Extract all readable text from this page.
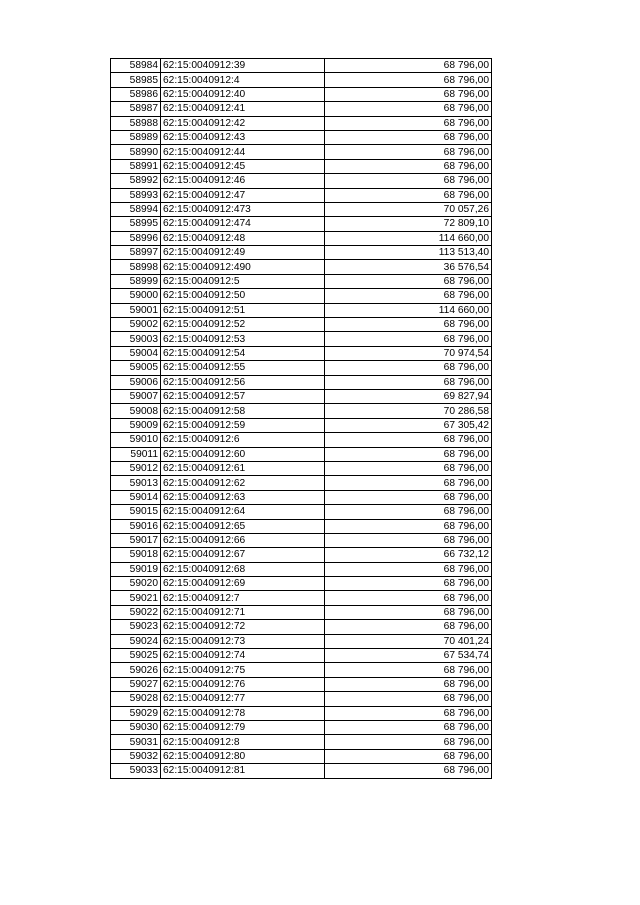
58984	62:15:0040912:39	68 796,00
58985	62:15:0040912:4	68 796,00
58986	62:15:0040912:40	68 796,00
58987	62:15:0040912:41	68 796,00
58988	62:15:0040912:42	68 796,00
58989	62:15:0040912:43	68 796,00
58990	62:15:0040912:44	68 796,00
58991	62:15:0040912:45	68 796,00
58992	62:15:0040912:46	68 796,00
58993	62:15:0040912:47	68 796,00
58994	62:15:0040912:473	70 057,26
58995	62:15:0040912:474	72 809,10
58996	62:15:0040912:48	114 660,00
58997	62:15:0040912:49	113 513,40
58998	62:15:0040912:490	36 576,54
58999	62:15:0040912:5	68 796,00
59000	62:15:0040912:50	68 796,00
59001	62:15:0040912:51	114 660,00
59002	62:15:0040912:52	68 796,00
59003	62:15:0040912:53	68 796,00
59004	62:15:0040912:54	70 974,54
59005	62:15:0040912:55	68 796,00
59006	62:15:0040912:56	68 796,00
59007	62:15:0040912:57	69 827,94
59008	62:15:0040912:58	70 286,58
59009	62:15:0040912:59	67 305,42
59010	62:15:0040912:6	68 796,00
59011	62:15:0040912:60	68 796,00
59012	62:15:0040912:61	68 796,00
59013	62:15:0040912:62	68 796,00
59014	62:15:0040912:63	68 796,00
59015	62:15:0040912:64	68 796,00
59016	62:15:0040912:65	68 796,00
59017	62:15:0040912:66	68 796,00
59018	62:15:0040912:67	66 732,12
59019	62:15:0040912:68	68 796,00
59020	62:15:0040912:69	68 796,00
59021	62:15:0040912:7	68 796,00
59022	62:15:0040912:71	68 796,00
59023	62:15:0040912:72	68 796,00
59024	62:15:0040912:73	70 401,24
59025	62:15:0040912:74	67 534,74
59026	62:15:0040912:75	68 796,00
59027	62:15:0040912:76	68 796,00
59028	62:15:0040912:77	68 796,00
59029	62:15:0040912:78	68 796,00
59030	62:15:0040912:79	68 796,00
59031	62:15:0040912:8	68 796,00
59032	62:15:0040912:80	68 796,00
59033	62:15:0040912:81	68 796,00
